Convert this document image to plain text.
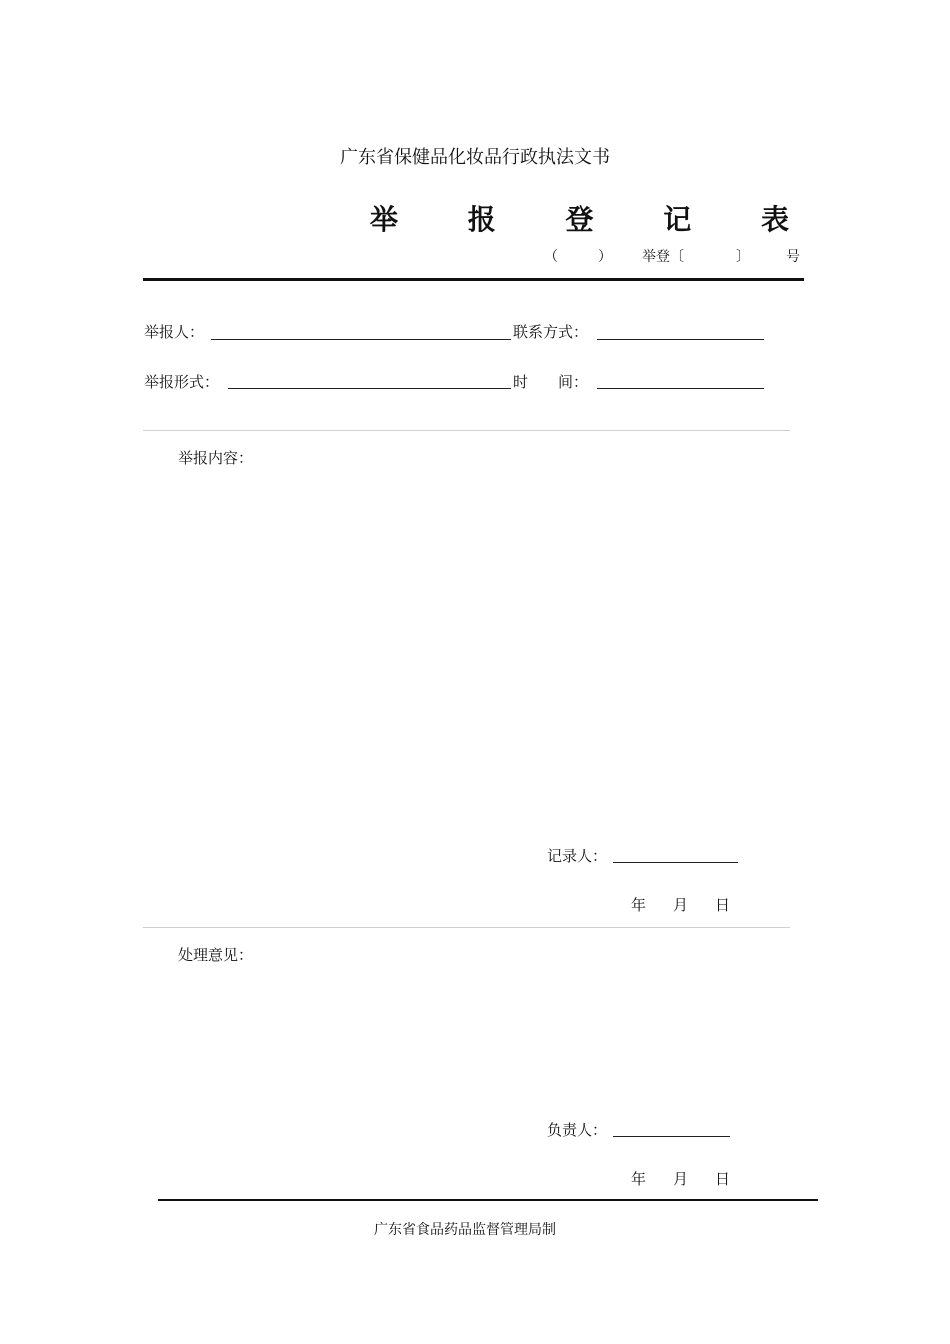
广东省保健品化妆品行政执法文书
举 报 登 记 表
（	） 举登〔	〕	号
举报人：	联系方式：
举报形式：	时　　间：
举报内容：
记录人：
年 月 日
处理意见：
负责人：
年 月 日
广东省食品药品监督管理局制
